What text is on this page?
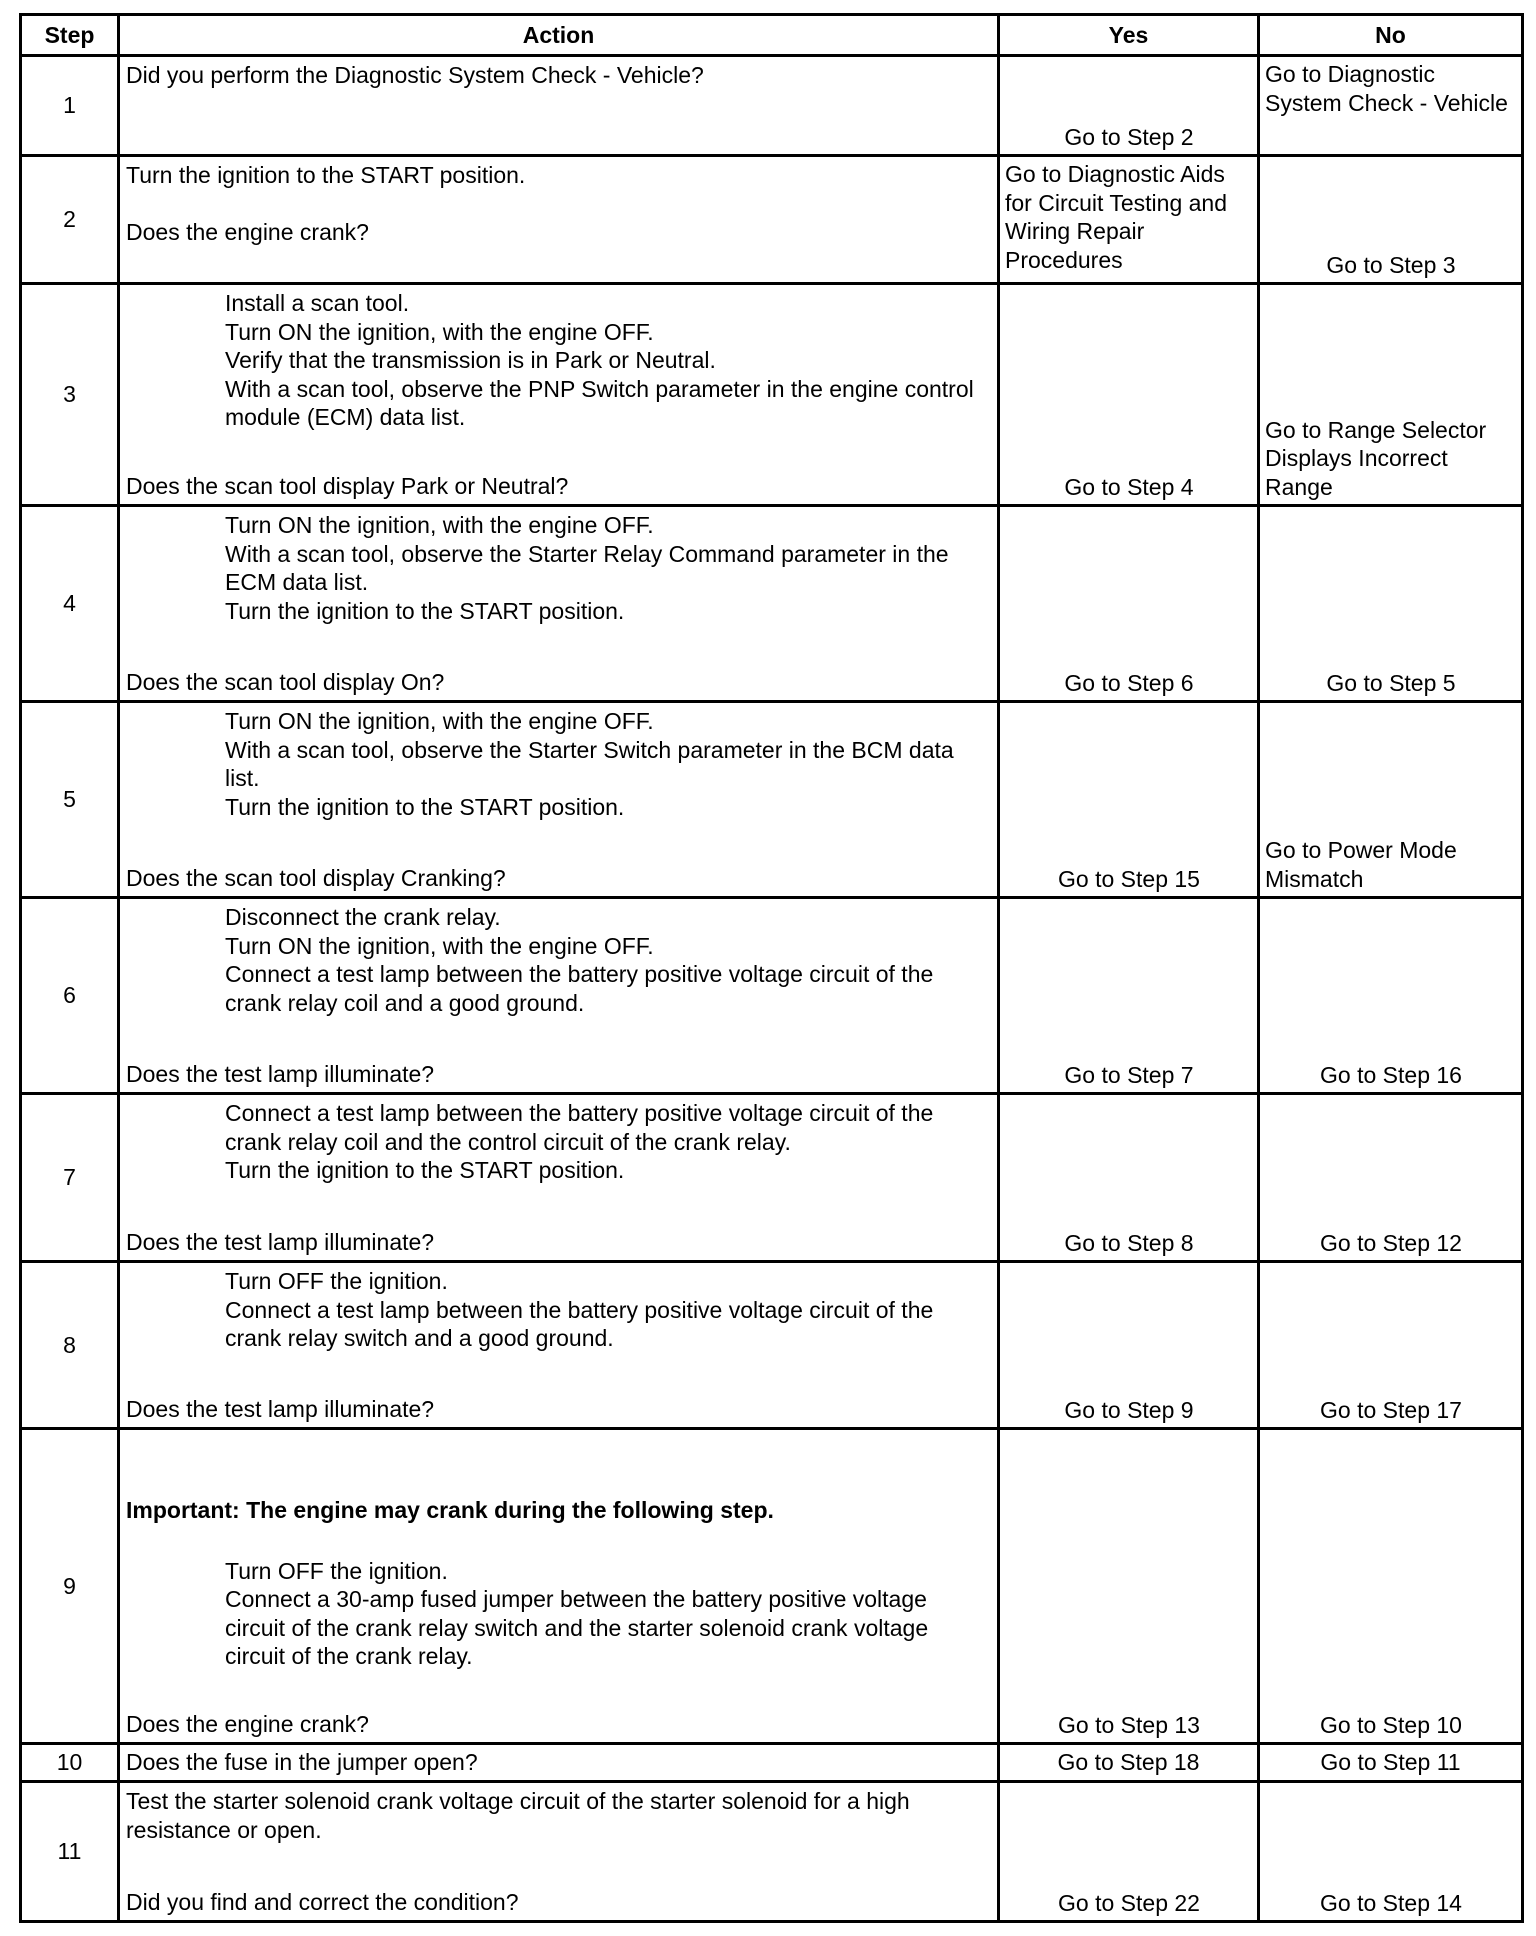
Step	Action	Yes	No
1	Did you perform the Diagnostic System Check - Vehicle?	Go to Step 2	Go to Diagnostic System Check - Vehicle
2	Turn the ignition to the START position.
Does the engine crank?	Go to Diagnostic Aids for Circuit Testing and Wiring Repair Procedures	Go to Step 3
3	Install a scan tool.
Turn ON the ignition, with the engine OFF.
Verify that the transmission is in Park or Neutral.
With a scan tool, observe the PNP Switch parameter in the engine control module (ECM) data list.
Does the scan tool display Park or Neutral?	Go to Step 4	Go to Range Selector Displays Incorrect Range
4	Turn ON the ignition, with the engine OFF.
With a scan tool, observe the Starter Relay Command parameter in the ECM data list.
Turn the ignition to the START position.
Does the scan tool display On?	Go to Step 6	Go to Step 5
5	Turn ON the ignition, with the engine OFF.
With a scan tool, observe the Starter Switch parameter in the BCM data list.
Turn the ignition to the START position.
Does the scan tool display Cranking?	Go to Step 15	Go to Power Mode Mismatch
6	Disconnect the crank relay.
Turn ON the ignition, with the engine OFF.
Connect a test lamp between the battery positive voltage circuit of the crank relay coil and a good ground.
Does the test lamp illuminate?	Go to Step 7	Go to Step 16
7	Connect a test lamp between the battery positive voltage circuit of the crank relay coil and the control circuit of the crank relay.
Turn the ignition to the START position.
Does the test lamp illuminate?	Go to Step 8	Go to Step 12
8	Turn OFF the ignition.
Connect a test lamp between the battery positive voltage circuit of the crank relay switch and a good ground.
Does the test lamp illuminate?	Go to Step 9	Go to Step 17
9	Important: The engine may crank during the following step.
Turn OFF the ignition.
Connect a 30-amp fused jumper between the battery positive voltage circuit of the crank relay switch and the starter solenoid crank voltage circuit of the crank relay.
Does the engine crank?	Go to Step 13	Go to Step 10
10	Does the fuse in the jumper open?	Go to Step 18	Go to Step 11
11	Test the starter solenoid crank voltage circuit of the starter solenoid for a high resistance or open.
Did you find and correct the condition?	Go to Step 22	Go to Step 14
